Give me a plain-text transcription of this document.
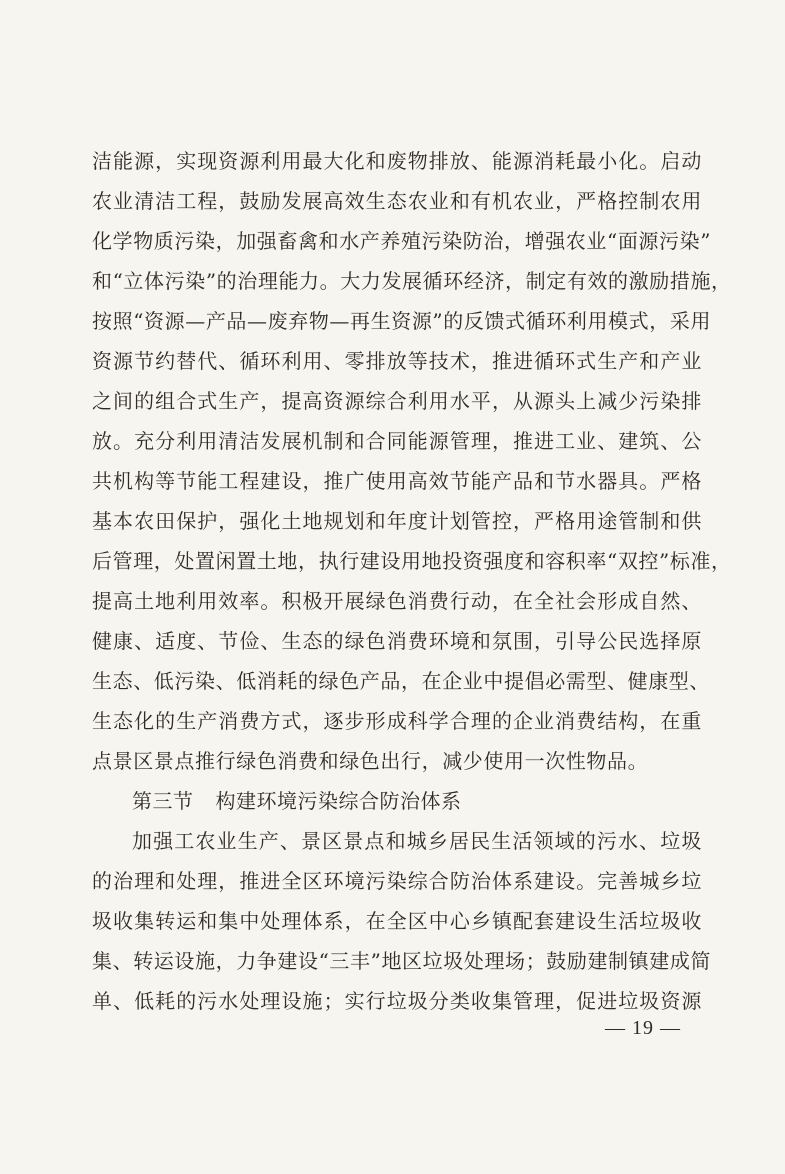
洁能源，实现资源利用最大化和废物排放、能源消耗最小化。启动
农业清洁工程，鼓励发展高效生态农业和有机农业，严格控制农用
化学物质污染，加强畜禽和水产养殖污染防治，增强农业“面源污染”
和“立体污染”的治理能力。大力发展循环经济，制定有效的激励措施，
按照“资源—产品—废弃物—再生资源”的反馈式循环利用模式，采用
资源节约替代、循环利用、零排放等技术，推进循环式生产和产业
之间的组合式生产，提高资源综合利用水平，从源头上减少污染排
放。充分利用清洁发展机制和合同能源管理，推进工业、建筑、公
共机构等节能工程建设，推广使用高效节能产品和节水器具。严格
基本农田保护，强化土地规划和年度计划管控，严格用途管制和供
后管理，处置闲置土地，执行建设用地投资强度和容积率“双控”标准，
提高土地利用效率。积极开展绿色消费行动，在全社会形成自然、
健康、适度、节俭、生态的绿色消费环境和氛围，引导公民选择原
生态、低污染、低消耗的绿色产品，在企业中提倡必需型、健康型、
生态化的生产消费方式，逐步形成科学合理的企业消费结构，在重
点景区景点推行绿色消费和绿色出行，减少使用一次性物品。
第三节 构建环境污染综合防治体系
加强工农业生产、景区景点和城乡居民生活领域的污水、垃圾
的治理和处理，推进全区环境污染综合防治体系建设。完善城乡垃
圾收集转运和集中处理体系，在全区中心乡镇配套建设生活垃圾收
集、转运设施，力争建设“三丰”地区垃圾处理场；鼓励建制镇建成简
单、低耗的污水处理设施；实行垃圾分类收集管理，促进垃圾资源
— 19 —
